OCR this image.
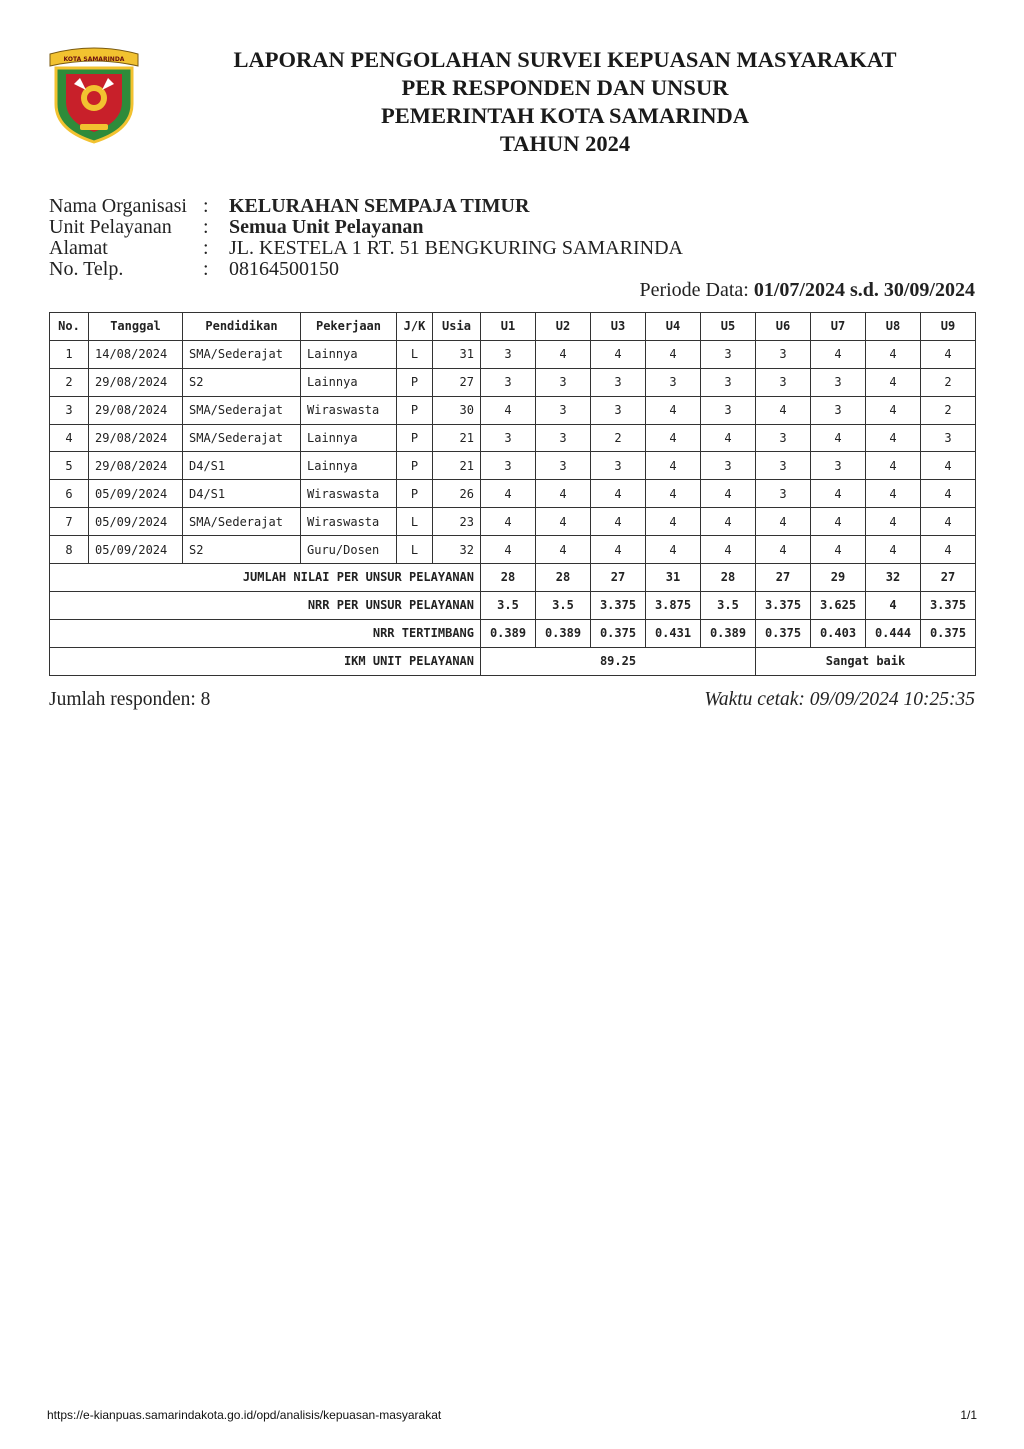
KOTA SAMARINDA	LAPORAN PENGOLAHAN SURVEI KEPUASAN MASYARAKAT
PER RESPONDEN DAN UNSUR
PEMERINTAH KOTA SAMARINDA
TAHUN 2024
Nama Organisasi :	KELURAHAN SEMPAJA TIMUR
Unit Pelayanan	:	Semua Unit Pelayanan
Alamat	:	JL. KESTELA 1 RT. 51 BENGKURING SAMARINDA
No. Telp.	:	08164500150
Periode Data: 01/07/2024 s.d. 30/09/2024
No.	Tanggal	Pendidikan	Pekerjaan	J/K	Usia	U1	U2	U3	U4	U5	U6	U7	U8	U9
1	14/08/2024	SMA/Sederajat	Lainnya	L	31	3	4	4	4	3	3	4	4	4
2	29/08/2024	S2	Lainnya	P	27	3	3	3	3	3	3	3	4	2
3	29/08/2024	SMA/Sederajat	Wiraswasta	P	30	4	3	3	4	3	4	3	4	2
4	29/08/2024	SMA/Sederajat	Lainnya	P	21	3	3	2	4	4	3	4	4	3
5	29/08/2024	D4/S1	Lainnya	P	21	3	3	3	4	3	3	3	4	4
6	05/09/2024	D4/S1	Wiraswasta	P	26	4	4	4	4	4	3	4	4	4
7	05/09/2024	SMA/Sederajat	Wiraswasta	L	23	4	4	4	4	4	4	4	4	4
8	05/09/2024	S2	Guru/Dosen	L	32	4	4	4	4	4	4	4	4	4
JUMLAH NILAI PER UNSUR PELAYANAN						28	28	27	31	28	27	29	32	27
NRR PER UNSUR PELAYANAN						3.5	3.5	3.375	3.875	3.5	3.375	3.625	4	3.375
NRR TERTIMBANG						0.389	0.389	0.375	0.431	0.389	0.375	0.403	0.444	0.375
IKM UNIT PELAYANAN						89.25					Sangat baik			
Jumlah responden: 8	Waktu cetak: 09/09/2024 10:25:35
https://e-kianpuas.samarindakota.go.id/opd/analisis/kepuasan-masyarakat	1/1
